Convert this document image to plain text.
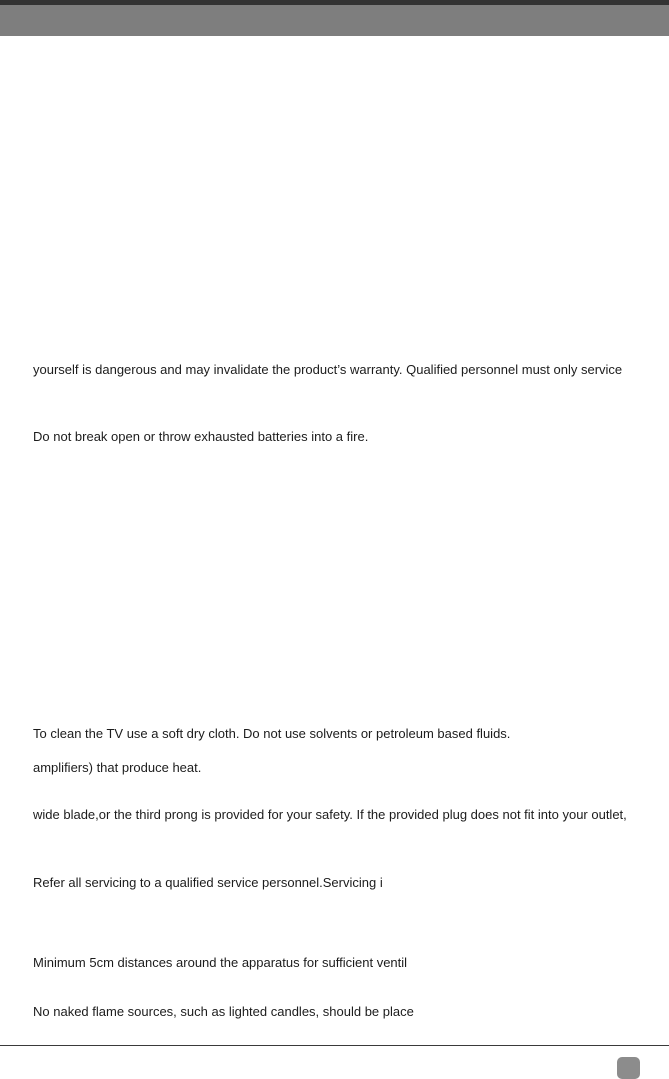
yourself is dangerous and may invalidate the product’s warranty. Qualified personnel must only service
Do not break open or throw exhausted batteries into a fire.
To clean the TV use a soft dry cloth. Do not use solvents or petroleum based fluids.
amplifiers) that produce heat.
wide blade,or the third prong is provided for your safety. If the provided plug does not fit into your outlet,
Refer all servicing to a qualified service personnel.Servicing i
Minimum 5cm distances around the apparatus for sufficient ventil
No naked flame sources, such as lighted candles, should be place
